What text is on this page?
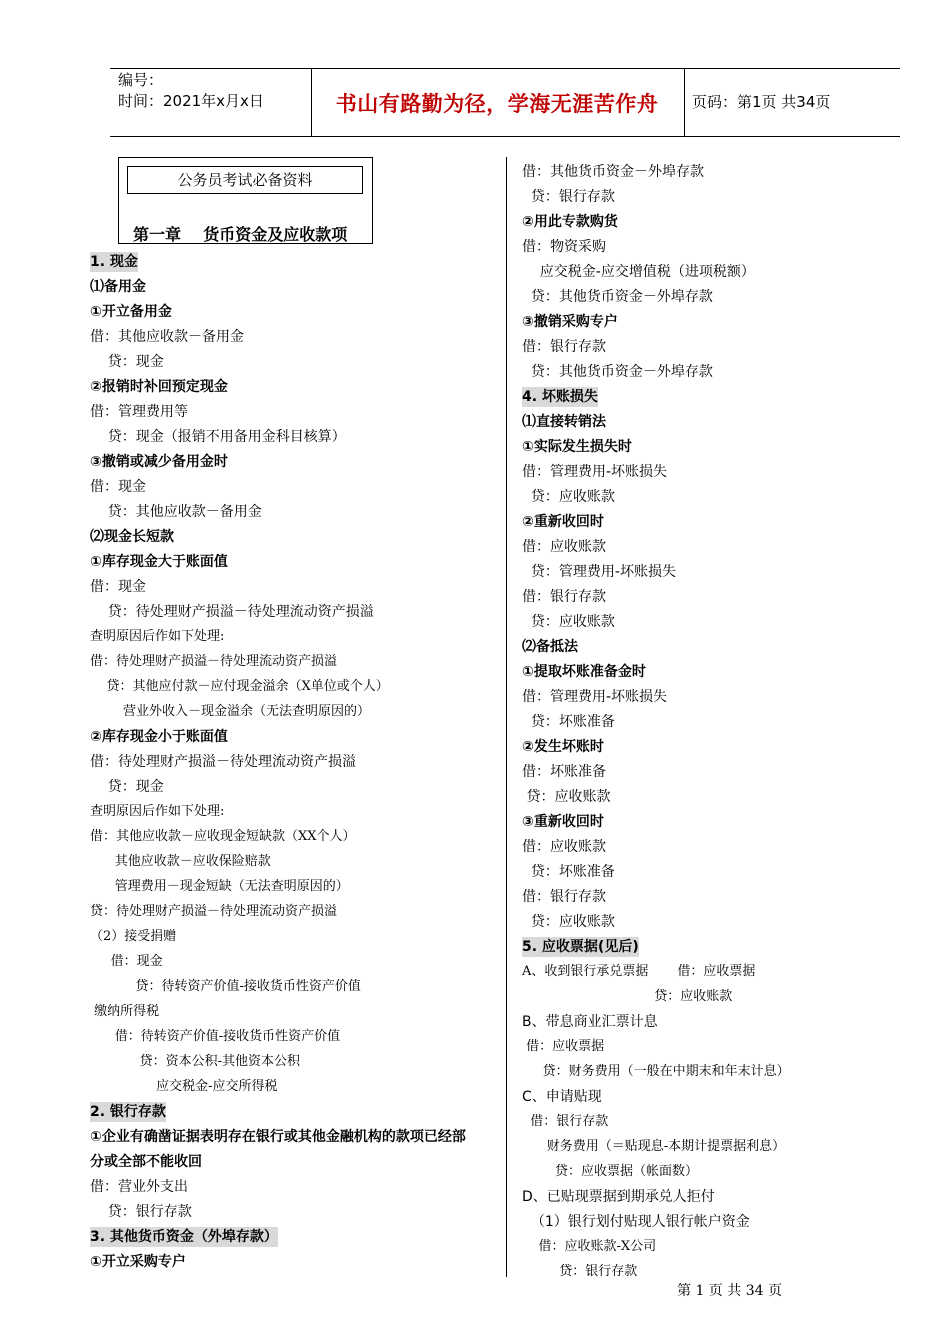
编号：
时间：2021年x月x日	书山有路勤为径，学海无涯苦作舟	页码：第1页 共34页
公务员考试必备资料
第一章    货币资金及应收款项
1. 现金
⑴备用金
①开立备用金
借：其他应收款－备用金
贷：现金
②报销时补回预定现金
借：管理费用等
贷：现金（报销不用备用金科目核算）
③撤销或减少备用金时
借：现金
贷：其他应收款－备用金
⑵现金长短款
①库存现金大于账面值
借：现金
贷：待处理财产损溢－待处理流动资产损溢
查明原因后作如下处理:
借：待处理财产损溢－待处理流动资产损溢
贷：其他应付款－应付现金溢余（X单位或个人）
营业外收入－现金溢余（无法查明原因的）
②库存现金小于账面值
借：待处理财产损溢－待处理流动资产损溢
贷：现金
查明原因后作如下处理:
借：其他应收款－应收现金短缺款（XX个人）
其他应收款－应收保险赔款
管理费用－现金短缺（无法查明原因的）
贷：待处理财产损溢－待处理流动资产损溢
（2）接受捐赠
借：现金
贷：待转资产价值-接收货币性资产价值
缴纳所得税
借：待转资产价值-接收货币性资产价值
贷：资本公积-其他资本公积
应交税金-应交所得税
2. 银行存款
①企业有确凿证据表明存在银行或其他金融机构的款项已经部
分或全部不能收回
借：营业外支出
贷：银行存款
3. 其他货币资金（外埠存款）
①开立采购专户
借：其他货币资金－外埠存款
贷：银行存款
②用此专款购货
借：物资采购
应交税金-应交增值税（进项税额）
贷：其他货币资金－外埠存款
③撤销采购专户
借：银行存款
贷：其他货币资金－外埠存款
4. 坏账损失
⑴直接转销法
①实际发生损失时
借：管理费用-坏账损失
贷：应收账款
②重新收回时
借：应收账款
贷：管理费用-坏账损失
借：银行存款
贷：应收账款
⑵备抵法
①提取坏账准备金时
借：管理费用-坏账损失
贷：坏账准备
②发生坏账时
借：坏账准备
贷：应收账款
③重新收回时
借：应收账款
贷：坏账准备
借：银行存款
贷：应收账款
5. 应收票据(见后)
A、收到银行承兑票据       借：应收票据
贷：应收账款
B、带息商业汇票计息
借：应收票据
贷：财务费用（一般在中期末和年末计息）
C、申请贴现
借：银行存款
财务费用（＝贴现息-本期计提票据利息）
贷：应收票据（帐面数）
D、已贴现票据到期承兑人拒付
（1）银行划付贴现人银行帐户资金
借：应收账款-X公司
贷：银行存款
第 1 页 共 34 页
